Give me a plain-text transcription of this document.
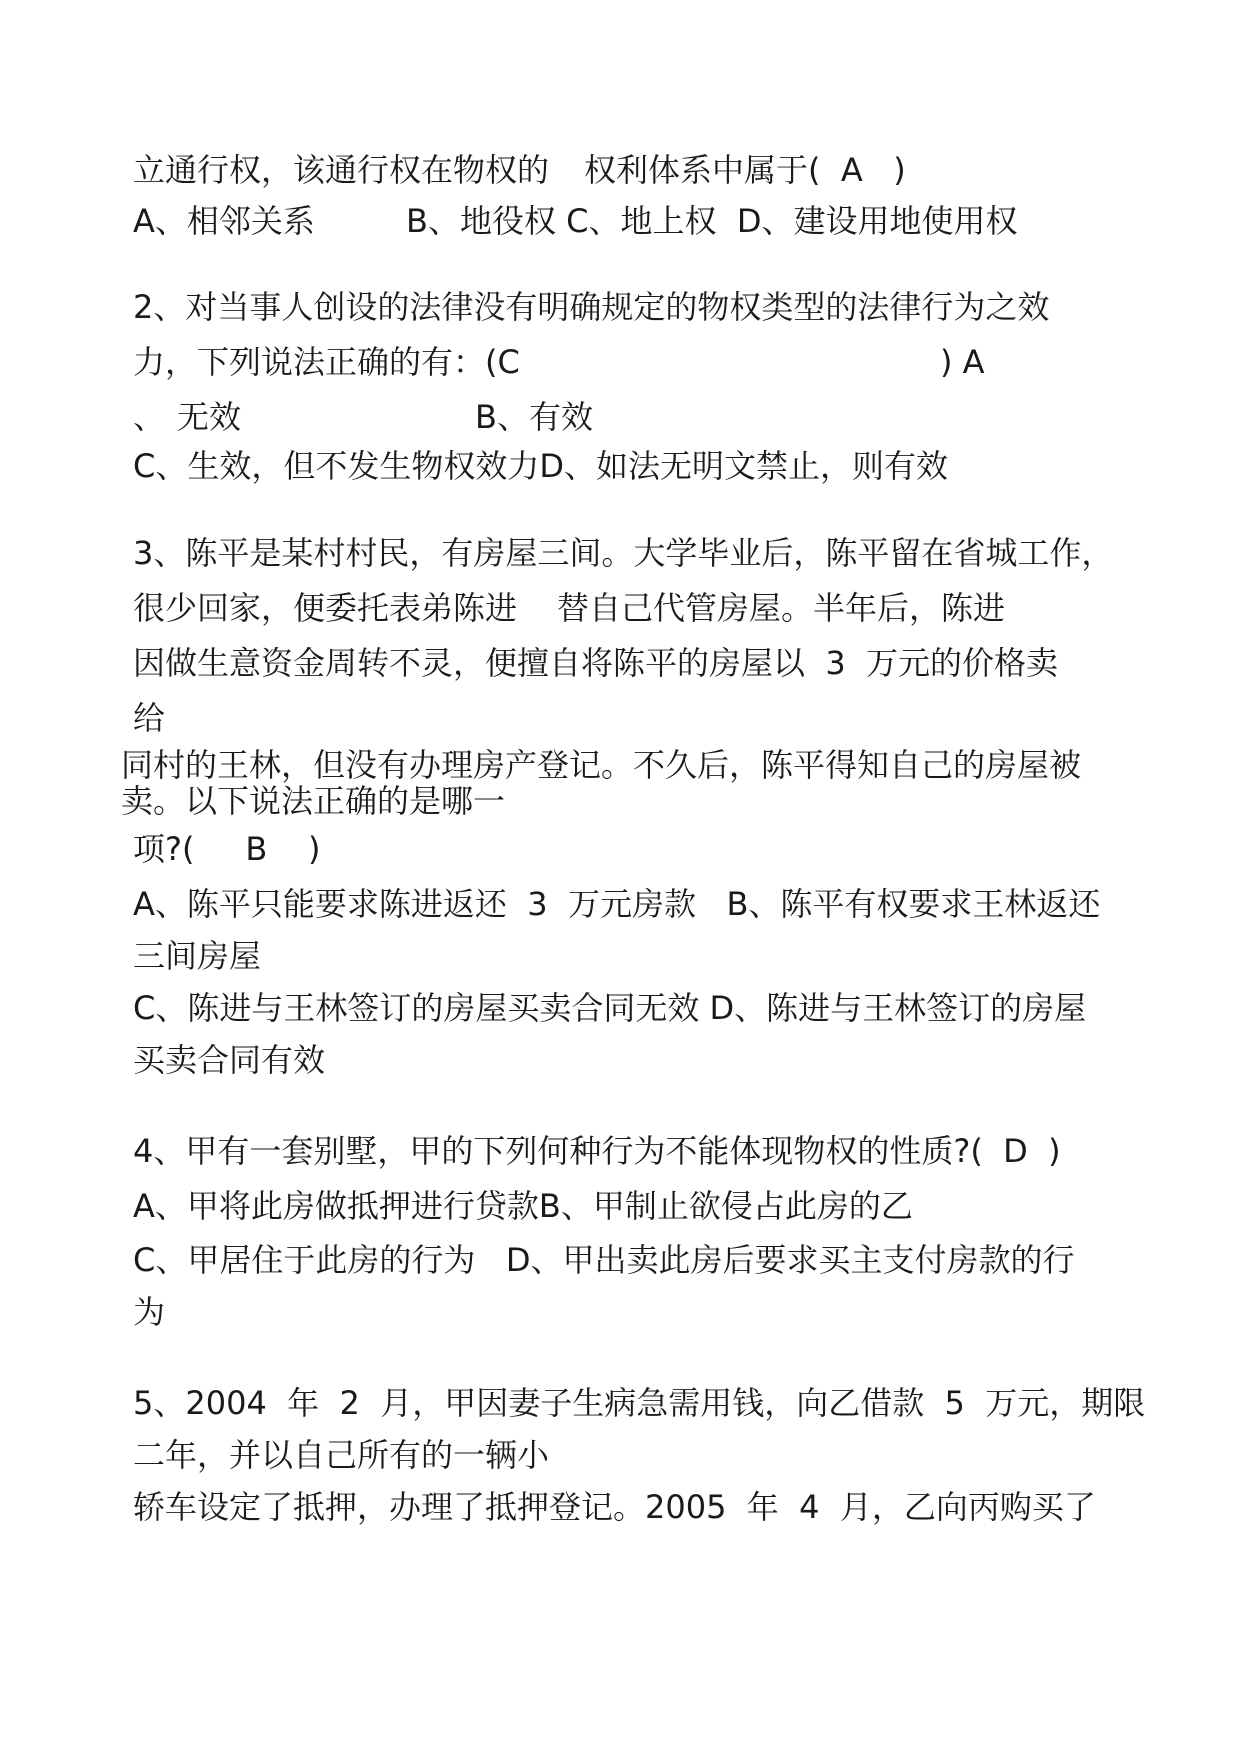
立通行权，该通行权在物权的 权利体系中属于(  A   )
A、相邻关系	B、地役权 C、地上权  D、建设用地使用权
2、对当事人创设的法律没有明确规定的物权类型的法律行为之效
力，下列说法正确的有：(C	) A
、 无效	B、有效
C、生效，但不发生物权效力D、如法无明文禁止，则有效
3、陈平是某村村民，有房屋三间。大学毕业后，陈平留在省城工作，
很少回家，便委托表弟陈进 替自己代管房屋。半年后，陈进
因做生意资金周转不灵，便擅自将陈平的房屋以  3  万元的价格卖
给
同村的王林，但没有办理房产登记。不久后，陈平得知自己的房屋被
卖。以下说法正确的是哪一
项?(     B    )
A、陈平只能要求陈进返还  3  万元房款   B、陈平有权要求王林返还
三间房屋
C、陈进与王林签订的房屋买卖合同无效 D、陈进与王林签订的房屋
买卖合同有效
4、甲有一套别墅，甲的下列何种行为不能体现物权的性质?(  D  )
A、甲将此房做抵押进行贷款B、甲制止欲侵占此房的乙
C、甲居住于此房的行为   D、甲出卖此房后要求买主支付房款的行
为
5、2004  年  2  月，甲因妻子生病急需用钱，向乙借款  5  万元，期限
二年，并以自己所有的一辆小
轿车设定了抵押，办理了抵押登记。2005  年  4  月，乙向丙购买了
